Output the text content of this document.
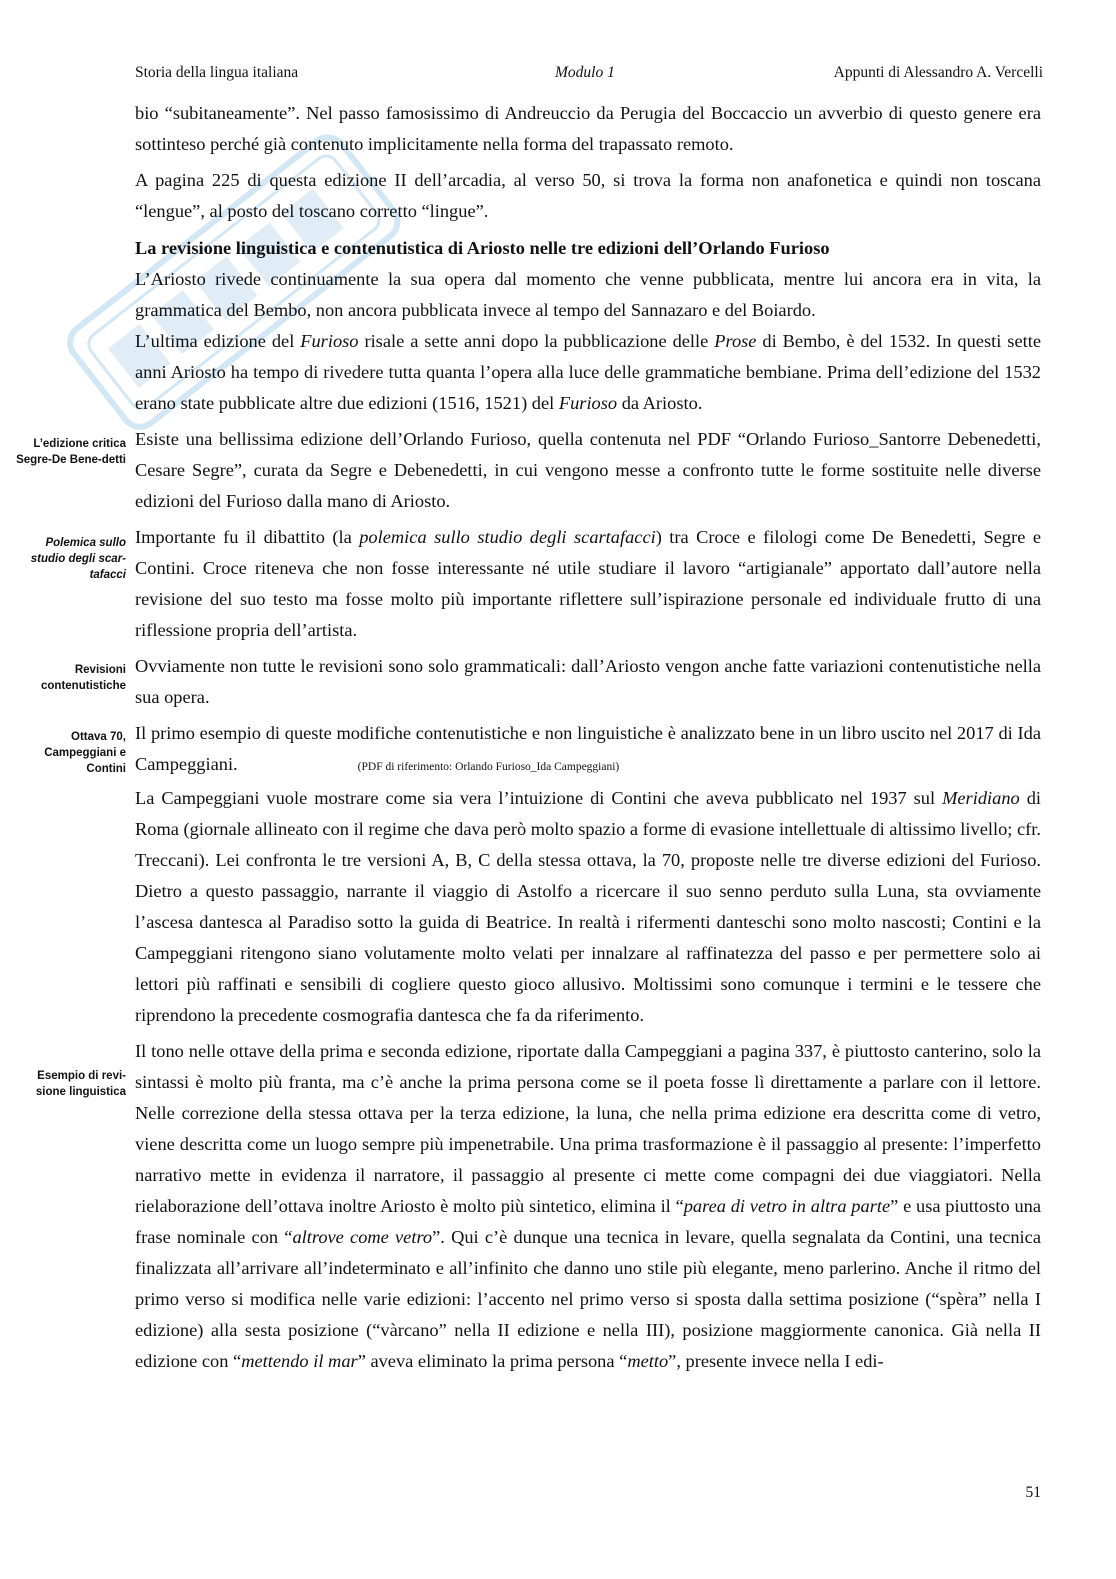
Storia della lingua italiana	Modulo 1	Appunti di Alessandro A. Vercelli
L’edizione critica Segre-De Bene-detti
Polemica sullo studio degli scar-tafacci
Revisioni contenutistiche
Ottava 70, Campeggiani e Contini
Esempio di revi-sione linguistica

bio “subitaneamente”. Nel passo famosissimo di Andreuccio da Perugia del Boccaccio un avverbio di questo genere era sottinteso perché già contenuto implicitamente nella forma del trapassato remoto.

A pagina 225 di questa edizione II dell’arcadia, al verso 50, si trova la forma non anafonetica e quindi non toscana “lengue”, al posto del toscano corretto “lingue”.

La revisione linguistica e contenutistica di Ariosto nelle tre edizioni dell’Orlando Furioso

L’Ariosto rivede continuamente la sua opera dal momento che venne pubblicata, mentre lui ancora era in vita, la grammatica del Bembo, non ancora pubblicata invece al tempo del Sannazaro e del Boiardo.

L’ultima edizione del Furioso risale a sette anni dopo la pubblicazione delle Prose di Bembo, è del 1532. In questi sette anni Ariosto ha tempo di rivedere tutta quanta l’opera alla luce delle grammatiche bembiane. Prima dell’edizione del 1532 erano state pubblicate altre due edizioni (1516, 1521) del Furioso da Ariosto.

Esiste una bellissima edizione dell’Orlando Furioso, quella contenuta nel PDF “Orlando Furioso_Santorre Debenedetti, Cesare Segre”, curata da Segre e Debenedetti, in cui vengono messe a confronto tutte le forme sostituite nelle diverse edizioni del Furioso dalla mano di Ariosto.

Importante fu il dibattito (la polemica sullo studio degli scartafacci) tra Croce e filologi come De Benedetti, Segre e Contini. Croce riteneva che non fosse interessante né utile studiare il lavoro “artigianale” apportato dall’autore nella revisione del suo testo ma fosse molto più importante riflettere sull’ispirazione personale ed individuale frutto di una riflessione propria dell’artista.

Ovviamente non tutte le revisioni sono solo grammaticali: dall’Ariosto vengon anche fatte variazioni contenutistiche nella sua opera.

Il primo esempio di queste modifiche contenutistiche e non linguistiche è analizzato bene in un libro uscito nel 2017 di Ida Campeggiani.	(PDF di riferimento: Orlando Furioso_Ida Campeggiani)

La Campeggiani vuole mostrare come sia vera l’intuizione di Contini che aveva pubblicato nel 1937 sul Meridiano di Roma (giornale allineato con il regime che dava però molto spazio a forme di evasione intellettuale di altissimo livello; cfr. Treccani). Lei confronta le tre versioni A, B, C della stessa ottava, la 70, proposte nelle tre diverse edizioni del Furioso. Dietro a questo passaggio, narrante il viaggio di Astolfo a ricercare il suo senno perduto sulla Luna, sta ovviamente l’ascesa dantesca al Paradiso sotto la guida di Beatrice. In realtà i rifermenti danteschi sono molto nascosti; Contini e la Campeggiani ritengono siano volutamente molto velati per innalzare al raffinatezza del passo e per permettere solo ai lettori più raffinati e sensibili di cogliere questo gioco allusivo. Moltissimi sono comunque i termini e le tessere che riprendono la precedente cosmografia dantesca che fa da riferimento.

Il tono nelle ottave della prima e seconda edizione, riportate dalla Campeggiani a pagina 337, è piuttosto canterino, solo la sintassi è molto più franta, ma c’è anche la prima persona come se il poeta fosse lì direttamente a parlare con il lettore. Nelle correzione della stessa ottava per la terza edizione, la luna, che nella prima edizione era descritta come di vetro, viene descritta come un luogo sempre più impenetrabile. Una prima trasformazione è il passaggio al presente: l’imperfetto narrativo mette in evidenza il narratore, il passaggio al presente ci mette come compagni dei due viaggiatori. Nella rielaborazione dell’ottava inoltre Ariosto è molto più sintetico, elimina il “parea di vetro in altra parte” e usa piuttosto una frase nominale con “altrove come vetro”. Qui c’è dunque una tecnica in levare, quella segnalata da Contini, una tecnica finalizzata all’arrivare all’indeterminato e all’infinito che danno uno stile più elegante, meno parlerino. Anche il ritmo del primo verso si modifica nelle varie edizioni: l’accento nel primo verso si sposta dalla settima posizione (“spèra” nella I edizione) alla sesta posizione (“vàrcano” nella II edizione e nella III), posizione maggiormente canonica. Già nella II edizione con “mettendo il mar” aveva eliminato la prima persona “metto”, presente invece nella I edi-

51
